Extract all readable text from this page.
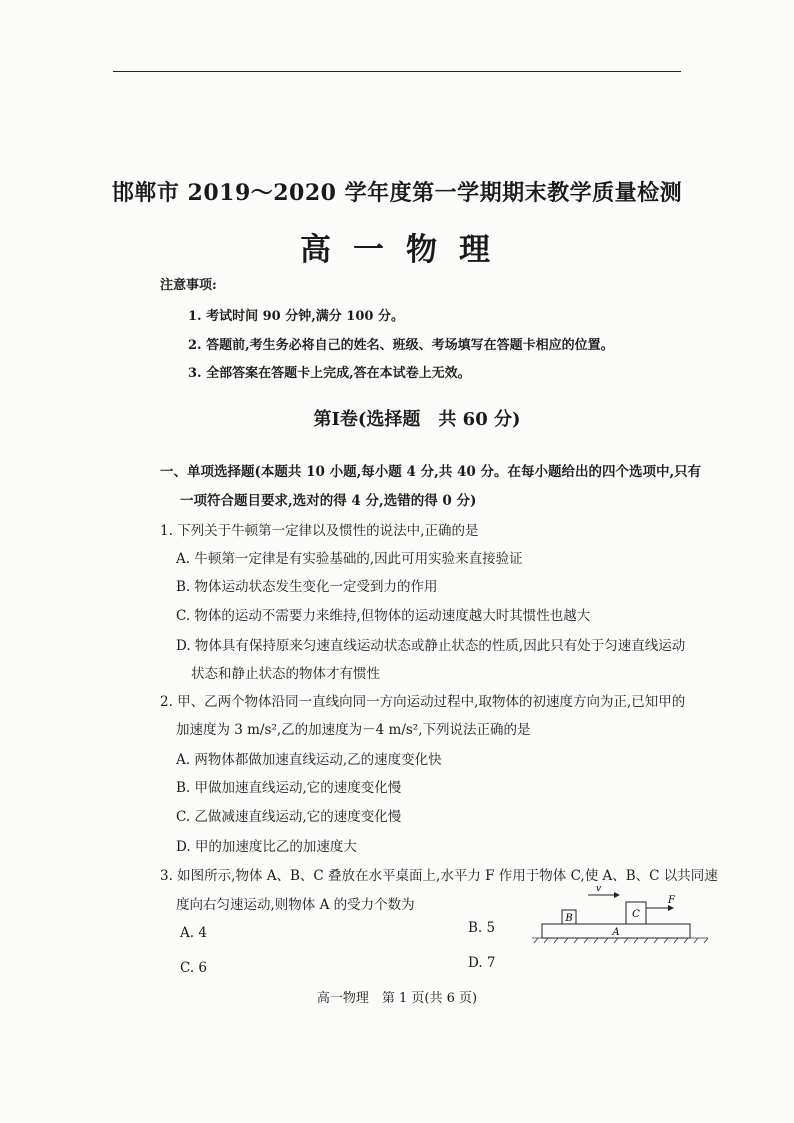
邯郸市 2019～2020 学年度第一学期期末教学质量检测
高一物理
注意事项:
1. 考试时间 90 分钟,满分 100 分。
2. 答题前,考生务必将自己的姓名、班级、考场填写在答题卡相应的位置。
3. 全部答案在答题卡上完成,答在本试卷上无效。
第Ⅰ卷(选择题　共 60 分)
一、单项选择题(本题共 10 小题,每小题 4 分,共 40 分。在每小题给出的四个选项中,只有
一项符合题目要求,选对的得 4 分,选错的得 0 分)
1. 下列关于牛顿第一定律以及惯性的说法中,正确的是
A. 牛顿第一定律是有实验基础的,因此可用实验来直接验证
B. 物体运动状态发生变化一定受到力的作用
C. 物体的运动不需要力来维持,但物体的运动速度越大时其惯性也越大
D. 物体具有保持原来匀速直线运动状态或静止状态的性质,因此只有处于匀速直线运动
状态和静止状态的物体才有惯性
2. 甲、乙两个物体沿同一直线向同一方向运动过程中,取物体的初速度方向为正,已知甲的
加速度为 3 m/s²,乙的加速度为－4 m/s²,下列说法正确的是
A. 两物体都做加速直线运动,乙的速度变化快
B. 甲做加速直线运动,它的速度变化慢
C. 乙做减速直线运动,它的速度变化慢
D. 甲的加速度比乙的加速度大
3. 如图所示,物体 A、B、C 叠放在水平桌面上,水平力 F 作用于物体 C,使 A、B、C 以共同速
度向右匀速运动,则物体 A 的受力个数为
A. 4	B. 5
C. 6	D. 7
A
B	C
F
v
高一物理　第 1 页(共 6 页)
